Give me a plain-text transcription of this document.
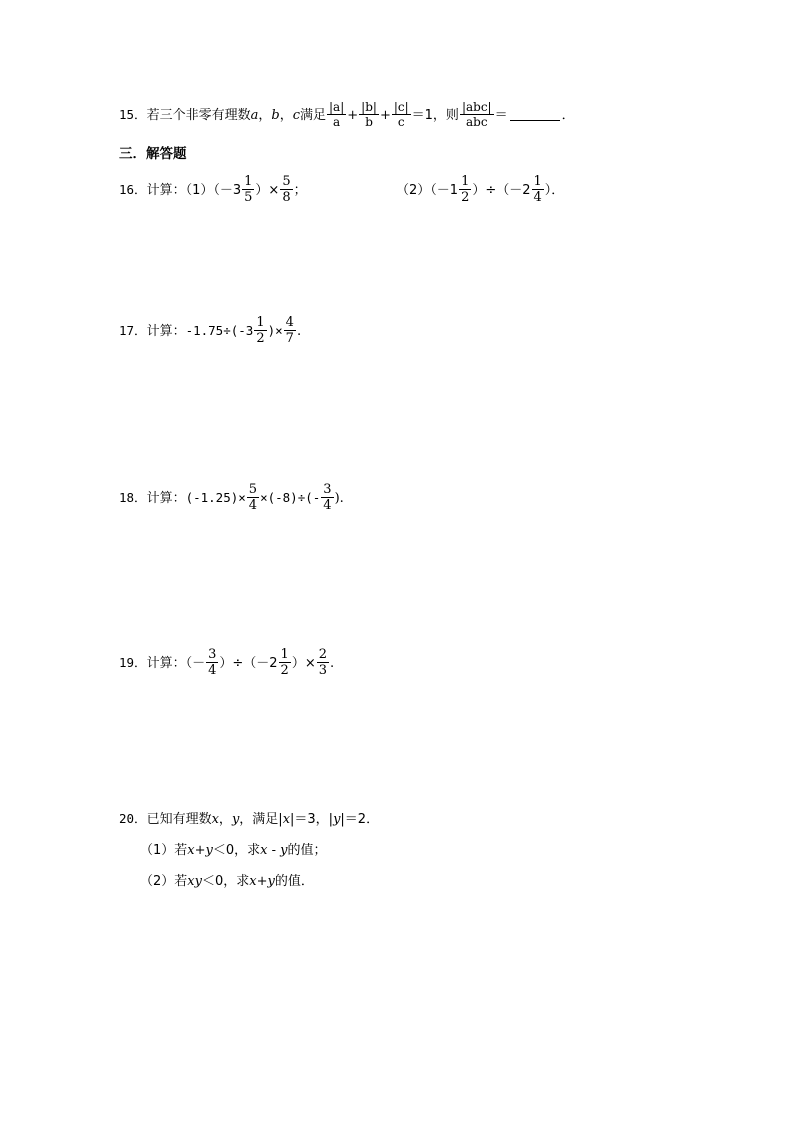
15．若三个非零有理数a，b，c满足 $\frac{|a|}{a} + \frac{|b|}{b} + \frac{|c|}{c} =1$，则 $\frac{\text{|abc|}}{\text{abc}}$ ＝	．
三．解答题
16．计算：$(1)(-3 \frac{1}{5}$ ）× $\frac{5}{8}$ ；	$(2)(-1 \frac{1}{2} )\div(-2 \frac{1}{4}$ ）．
17．计算：$-1.75\div(-3 \frac{1}{2}$ )× $\frac{4}{7}$ .
18．计算：$(-1.25)\times \frac{5}{4} \times(-8)\div(- \frac{3}{4}$ ).
19．计算：（－ $\frac{3}{4} )\div(-2 \frac{1}{2}$ ）× $\frac{2}{3}$ .
20．已知有理数x，y，满足|x|＝3，|y|＝2．
（1）若x+y＜0，求x - y的值；
（2）若xy＜0，求x+y的值．
